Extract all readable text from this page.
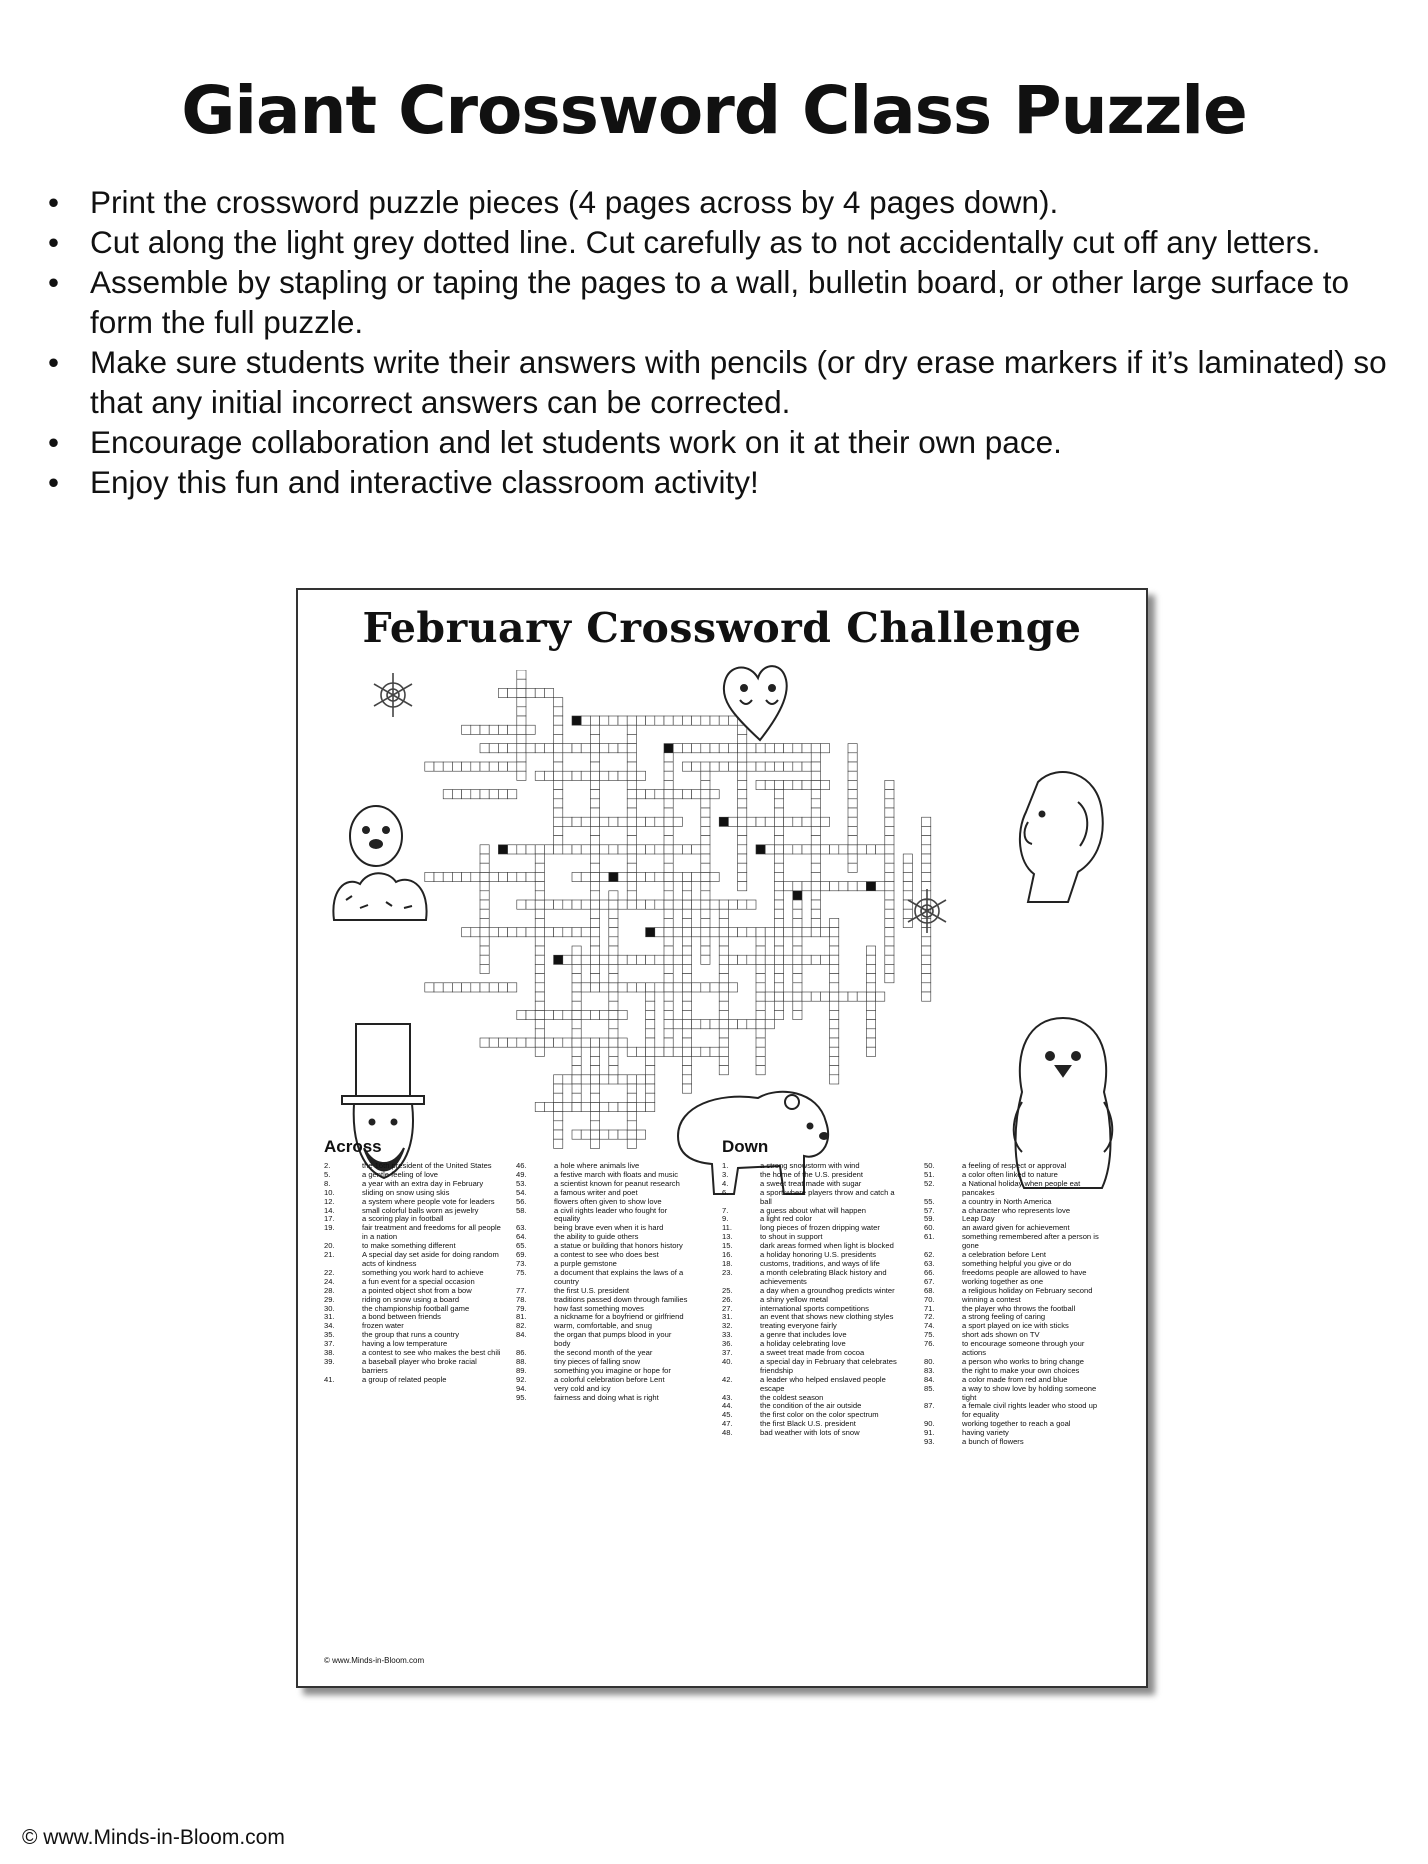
Giant Crossword Class Puzzle
• Print the crossword puzzle pieces (4 pages across by 4 pages down).
• Cut along the light grey dotted line. Cut carefully as to not accidentally cut off any letters.
• Assemble by stapling or taping the pages to a wall, bulletin board, or other large surface to form the full puzzle.
• Make sure students write their answers with pencils (or dry erase markers if it’s laminated) so that any initial incorrect answers can be corrected.
• Encourage collaboration and let students work on it at their own pace.
• Enjoy this fun and interactive classroom activity!
February Crossword Challenge
Across	Down
2.	the 16th president of the United States
5.	a gentle feeling of love
8.	a year with an extra day in February
10.	sliding on snow using skis
12.	a system where people vote for leaders
14.	small colorful balls worn as jewelry
17.	a scoring play in football
19.	fair treatment and freedoms for all people in a nation
20.	to make something different
21.	A special day set aside for doing random acts of kindness
22.	something you work hard to achieve
24.	a fun event for a special occasion
28.	a pointed object shot from a bow
29.	riding on snow using a board
30.	the championship football game
31.	a bond between friends
34.	frozen water
35.	the group that runs a country
37.	having a low temperature
38.	a contest to see who makes the best chili
39.	a baseball player who broke racial barriers
41.	a group of related people
46.	a hole where animals live
49.	a festive march with floats and music
53.	a scientist known for peanut research
54.	a famous writer and poet
56.	flowers often given to show love
58.	a civil rights leader who fought for equality
63.	being brave even when it is hard
64.	the ability to guide others
65.	a statue or building that honors history
69.	a contest to see who does best
73.	a purple gemstone
75.	a document that explains the laws of a country
77.	the first U.S. president
78.	traditions passed down through families
79.	how fast something moves
81.	a nickname for a boyfriend or girlfriend
82.	warm, comfortable, and snug
84.	the organ that pumps blood in your body
86.	the second month of the year
88.	tiny pieces of falling snow
89.	something you imagine or hope for
92.	a colorful celebration before Lent
94.	very cold and icy
95.	fairness and doing what is right
1.	a strong snowstorm with wind
3.	the home of the U.S. president
4.	a sweet treat made with sugar
6.	a sport where players throw and catch a ball
7.	a guess about what will happen
9.	a light red color
11.	long pieces of frozen dripping water
13.	to shout in support
15.	dark areas formed when light is blocked
16.	a holiday honoring U.S. presidents
18.	customs, traditions, and ways of life
23.	a month celebrating Black history and achievements
25.	a day when a groundhog predicts winter
26.	a shiny yellow metal
27.	international sports competitions
31.	an event that shows new clothing styles
32.	treating everyone fairly
33.	a genre that includes love
36.	a holiday celebrating love
37.	a sweet treat made from cocoa
40.	a special day in February that celebrates friendship
42.	a leader who helped enslaved people escape
43.	the coldest season
44.	the condition of the air outside
45.	the first color on the color spectrum
47.	the first Black U.S. president
48.	bad weather with lots of snow
50.	a feeling of respect or approval
51.	a color often linked to nature
52.	a National holiday when people eat pancakes
55.	a country in North America
57.	a character who represents love
59.	Leap Day
60.	an award given for achievement
61.	something remembered after a person is gone
62.	a celebration before Lent
63.	something helpful you give or do
66.	freedoms people are allowed to have
67.	working together as one
68.	a religious holiday on February second
70.	winning a contest
71.	the player who throws the football
72.	a strong feeling of caring
74.	a sport played on ice with sticks
75.	short ads shown on TV
76.	to encourage someone through your actions
80.	a person who works to bring change
83.	the right to make your own choices
84.	a color made from red and blue
85.	a way to show love by holding someone tight
87.	a female civil rights leader who stood up for equality
90.	working together to reach a goal
91.	having variety
93.	a bunch of flowers
© www.Minds-in-Bloom.com
© www.Minds-in-Bloom.com
